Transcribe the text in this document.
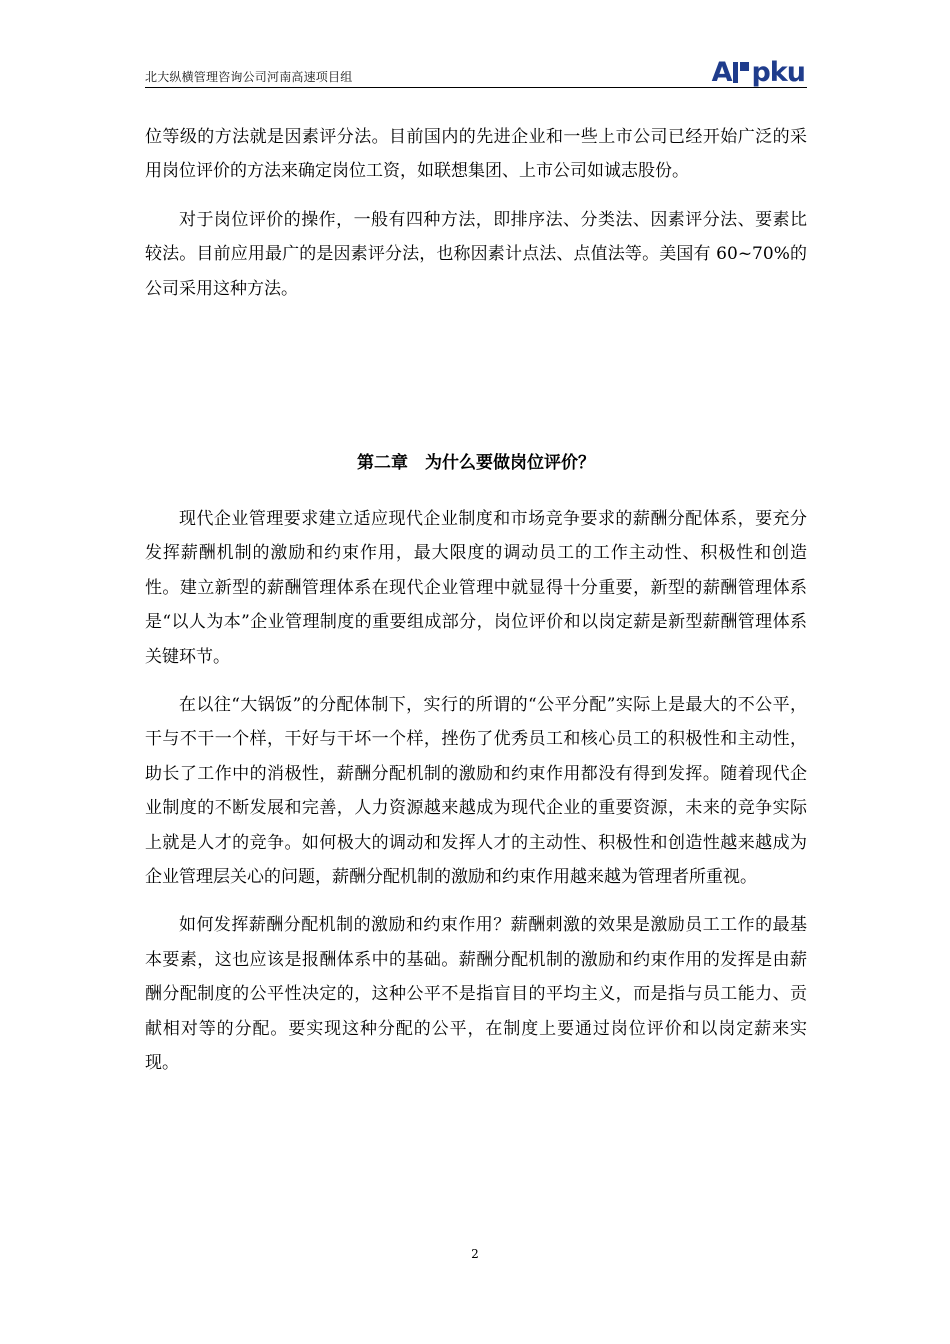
北大纵横管理咨询公司河南高速项目组	A pku

位等级的方法就是因素评分法。目前国内的先进企业和一些上市公司已经开始广泛的采用岗位评价的方法来确定岗位工资，如联想集团、上市公司如诚志股份。

对于岗位评价的操作，一般有四种方法，即排序法、分类法、因素评分法、要素比较法。目前应用最广的是因素评分法，也称因素计点法、点值法等。美国有 60~70%的公司采用这种方法。

第二章　为什么要做岗位评价？

现代企业管理要求建立适应现代企业制度和市场竞争要求的薪酬分配体系，要充分发挥薪酬机制的激励和约束作用，最大限度的调动员工的工作主动性、积极性和创造性。建立新型的薪酬管理体系在现代企业管理中就显得十分重要，新型的薪酬管理体系是“以人为本”企业管理制度的重要组成部分，岗位评价和以岗定薪是新型薪酬管理体系关键环节。

在以往“大锅饭”的分配体制下，实行的所谓的“公平分配”实际上是最大的不公平，干与不干一个样，干好与干坏一个样，挫伤了优秀员工和核心员工的积极性和主动性，助长了工作中的消极性，薪酬分配机制的激励和约束作用都没有得到发挥。随着现代企业制度的不断发展和完善，人力资源越来越成为现代企业的重要资源，未来的竞争实际上就是人才的竞争。如何极大的调动和发挥人才的主动性、积极性和创造性越来越成为企业管理层关心的问题，薪酬分配机制的激励和约束作用越来越为管理者所重视。

如何发挥薪酬分配机制的激励和约束作用？薪酬刺激的效果是激励员工工作的最基本要素，这也应该是报酬体系中的基础。薪酬分配机制的激励和约束作用的发挥是由薪酬分配制度的公平性决定的，这种公平不是指盲目的平均主义，而是指与员工能力、贡献相对等的分配。要实现这种分配的公平，在制度上要通过岗位评价和以岗定薪来实现。

2
